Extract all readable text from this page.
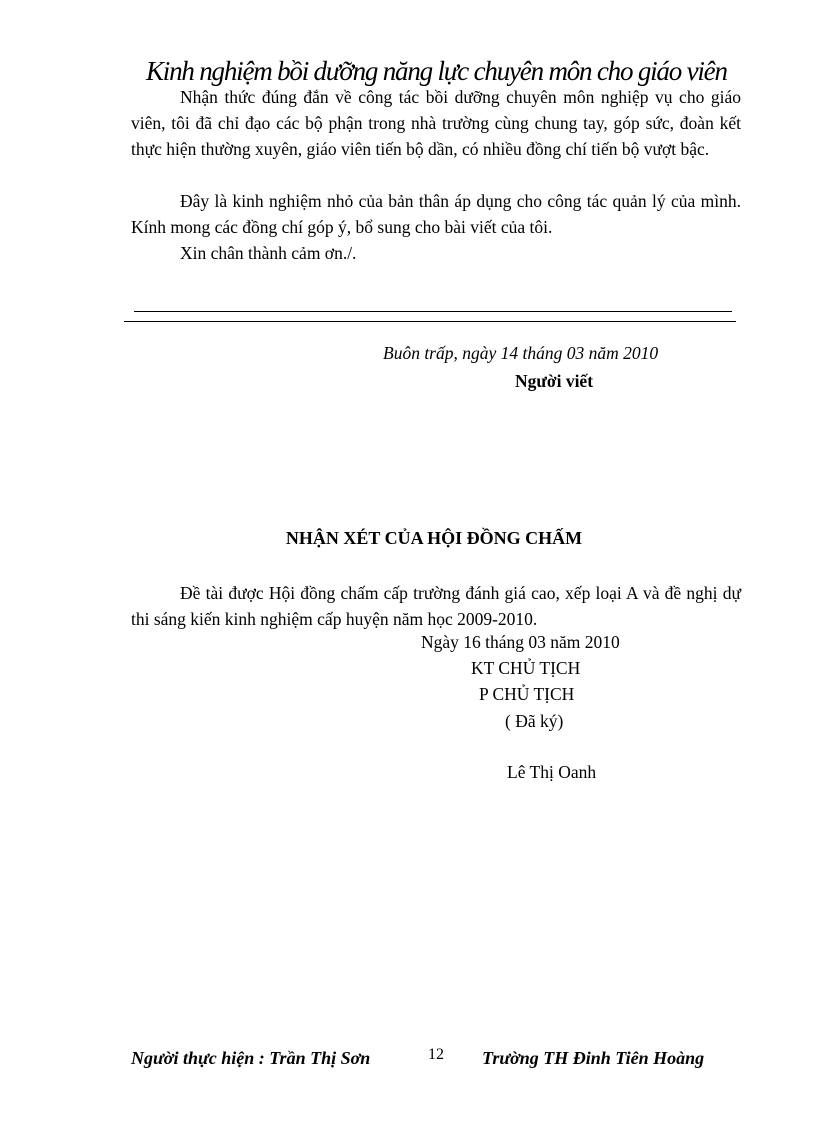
Kinh nghiệm bồi dưỡng năng lực chuyên môn cho giáo viên
Nhận thức đúng đắn về công tác bồi dưỡng chuyên môn nghiệp vụ cho giáo viên, tôi đã chỉ đạo các bộ phận trong nhà trường cùng chung tay, góp sức, đoàn kết thực hiện thường xuyên, giáo viên tiến bộ dần, có nhiều đồng chí tiến bộ vượt bậc.
Đây là kinh nghiệm nhỏ của bản thân áp dụng cho công tác quản lý của mình. Kính mong các đồng chí góp ý, bổ sung cho bài viết của tôi.
Xin chân thành cảm ơn./.
Buôn trấp, ngày 14 tháng 03 năm 2010
Người viết
NHẬN XÉT CỦA HỘI ĐỒNG CHẤM
Đề tài được Hội đồng chấm cấp trường đánh giá cao, xếp loại A và đề nghị dự thi sáng kiến kinh nghiệm cấp huyện năm học 2009-2010.
Ngày 16 tháng 03 năm 2010
KT CHỦ TỊCH
P CHỦ TỊCH
( Đã ký)
Lê Thị Oanh
Người thực hiện : Trần Thị Sơn	12 Trường TH Đinh Tiên Hoàng
